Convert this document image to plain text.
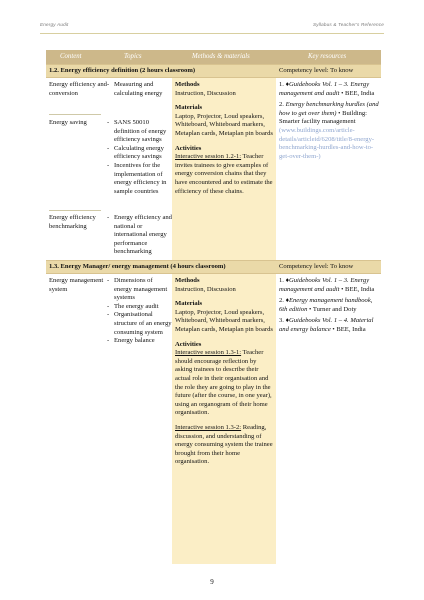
Energy Audit	Syllabus & Teacher's Reference
Content	Topics	Methods & materials	Key resources
1.2. Energy efficiency definition (2 hours classroom)	Competency level: To know
Energy efficiency and conversion
- Measuring and calculating energy
Energy saving
-	SANS 50010 definition of energy efficiency savings
- Calculating energy efficiency savings
- Incentives for the implementation of energy efficiency in sample countries
Energy efficiency benchmarking
- Energy efficiency and national or international energy performance benchmarking
Methods
Instruction, Discussion
Materials
Laptop, Projector, Loud speakers, Whiteboard, Whiteboard markers, Metaplan cards, Metaplan pin boards
Activities
Interactive session 1.2-1: Teacher invites trainees to give examples of energy conversion chains that they have encountered and to estimate the efficiency of these chains.

1. ♦Guidebooks Vol. 1 – 3. Energy management and audit • BEE, India

2. Energy benchmarking hurdles (and how to get over them) • Building: Smarter facility management (www.buildings.com/article-details/articleid/6208/title/8-energy-benchmarking-hurdles-and-how-to-get-over-them-)

1.3. Energy Manager/ energy management (4 hours classroom)	Competency level: To know
Energy management system
- Dimensions of energy management systems
- The energy audit
- Organisational structure of an energy consuming system
- Energy balance
Methods
Instruction, Discussion
Materials
Laptop, Projector, Loud speakers, Whiteboard, Whiteboard markers, Metaplan cards, Metaplan pin boards
Activities
Interactive session 1.3-1: Teacher should encourage reflection by asking trainees to describe their actual role in their organisation and the role they are going to play in the future (after the course, in one year), using an organogram of their home organisation.
Interactive session 1.3-2: Reading, discussion, and understanding of energy consuming system the trainee brought from their home organisation.

1. ♦Guidebooks Vol. 1 – 3. Energy management and audit • BEE, India

2. ♦Energy management handbook, 6th edition • Turner and Doty

3. ♦Guidebooks Vol. 1 – 4. Material and energy balance • BEE, India

9
